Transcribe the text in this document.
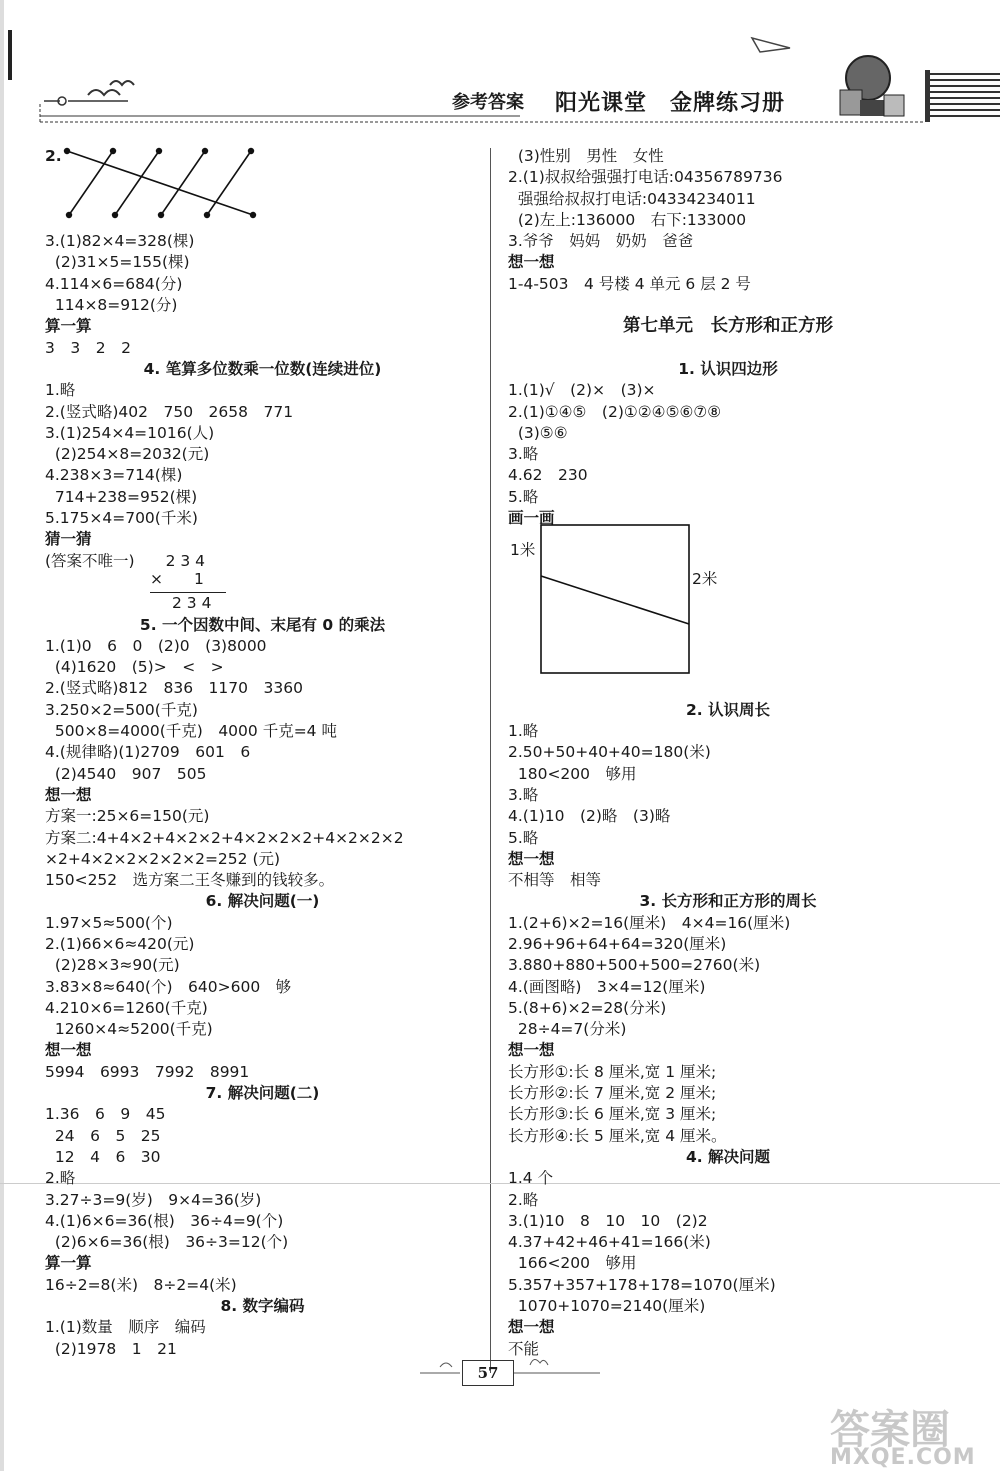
参考答案 阳光课堂　金牌练习册
2.
3.(1)82×4=328(棵)
(2)31×5=155(棵)
4.114×6=684(分)
114×8=912(分)
算一算
3　3　2　2
4. 笔算多位数乘一位数(连续进位)
1.略
2.(竖式略)402　750　2658　771
3.(1)254×4=1016(人)
(2)254×8=2032(元)
4.238×3=714(棵)
714+238=952(棵)
5.175×4=700(千米)
猜一猜
(答案不唯一)　　2 3 4
5. 一个因数中间、末尾有 0 的乘法
1.(1)0　6　0　(2)0　(3)8000
(4)1620　(5)>　<　>
2.(竖式略)812　836　1170　3360
3.250×2=500(千克)
500×8=4000(千克)　4000 千克=4 吨
4.(规律略)(1)2709　601　6
(2)4540　907　505
想一想
方案一:25×6=150(元)
方案二:4+4×2+4×2×2+4×2×2×2+4×2×2×2
×2+4×2×2×2×2×2=252 (元)
150<252　选方案二王冬赚到的钱较多。
6. 解决问题(一)
1.97×5≈500(个)
2.(1)66×6≈420(元)
(2)28×3≈90(元)
3.83×8≈640(个)　640>600　够
4.210×6=1260(千克)
1260×4≈5200(千克)
想一想
5994　6993　7992　8991
7. 解决问题(二)
1.36　6　9　45
24　6　5　25
12　4　6　30
2.略
3.27÷3=9(岁)　9×4=36(岁)
4.(1)6×6=36(根)　36÷4=9(个)
(2)6×6=36(根)　36÷3=12(个)
算一算
16÷2=8(米)　8÷2=4(米)
8. 数字编码
1.(1)数量　顺序　编码
(2)1978　1　21
(3)性别　男性　女性
2.(1)叔叔给强强打电话:04356789736
强强给叔叔打电话:04334234011
(2)左上:136000　右下:133000
3.爷爷　妈妈　奶奶　爸爸
想一想
1-4-503　4 号楼 4 单元 6 层 2 号
第七单元　长方形和正方形
1. 认识四边形
1.(1)√　(2)×　(3)×
2.(1)①④⑤　(2)①②④⑤⑥⑦⑧
(3)⑤⑥
3.略
4.62　230
5.略
画一画
2. 认识周长
1.略
2.50+50+40+40=180(米)
180<200　够用
3.略
4.(1)10　(2)略　(3)略
5.略
想一想
不相等　相等
3. 长方形和正方形的周长
1.(2+6)×2=16(厘米)　4×4=16(厘米)
2.96+96+64+64=320(厘米)
3.880+880+500+500=2760(米)
4.(画图略)　3×4=12(厘米)
5.(8+6)×2=28(分米)
28÷4=7(分米)
想一想
长方形①:长 8 厘米,宽 1 厘米;
长方形②:长 7 厘米,宽 2 厘米;
长方形③:长 6 厘米,宽 3 厘米;
长方形④:长 5 厘米,宽 4 厘米。
4. 解决问题
1.4 个
2.略
3.(1)10　8　10　10　(2)2
4.37+42+46+41=166(米)
166<200　够用
5.357+357+178+178=1070(厘米)
1070+1070=2140(厘米)
想一想
不能
×　　1
2 3 4
1米
2米
57
答案圈
MXQE.COM
